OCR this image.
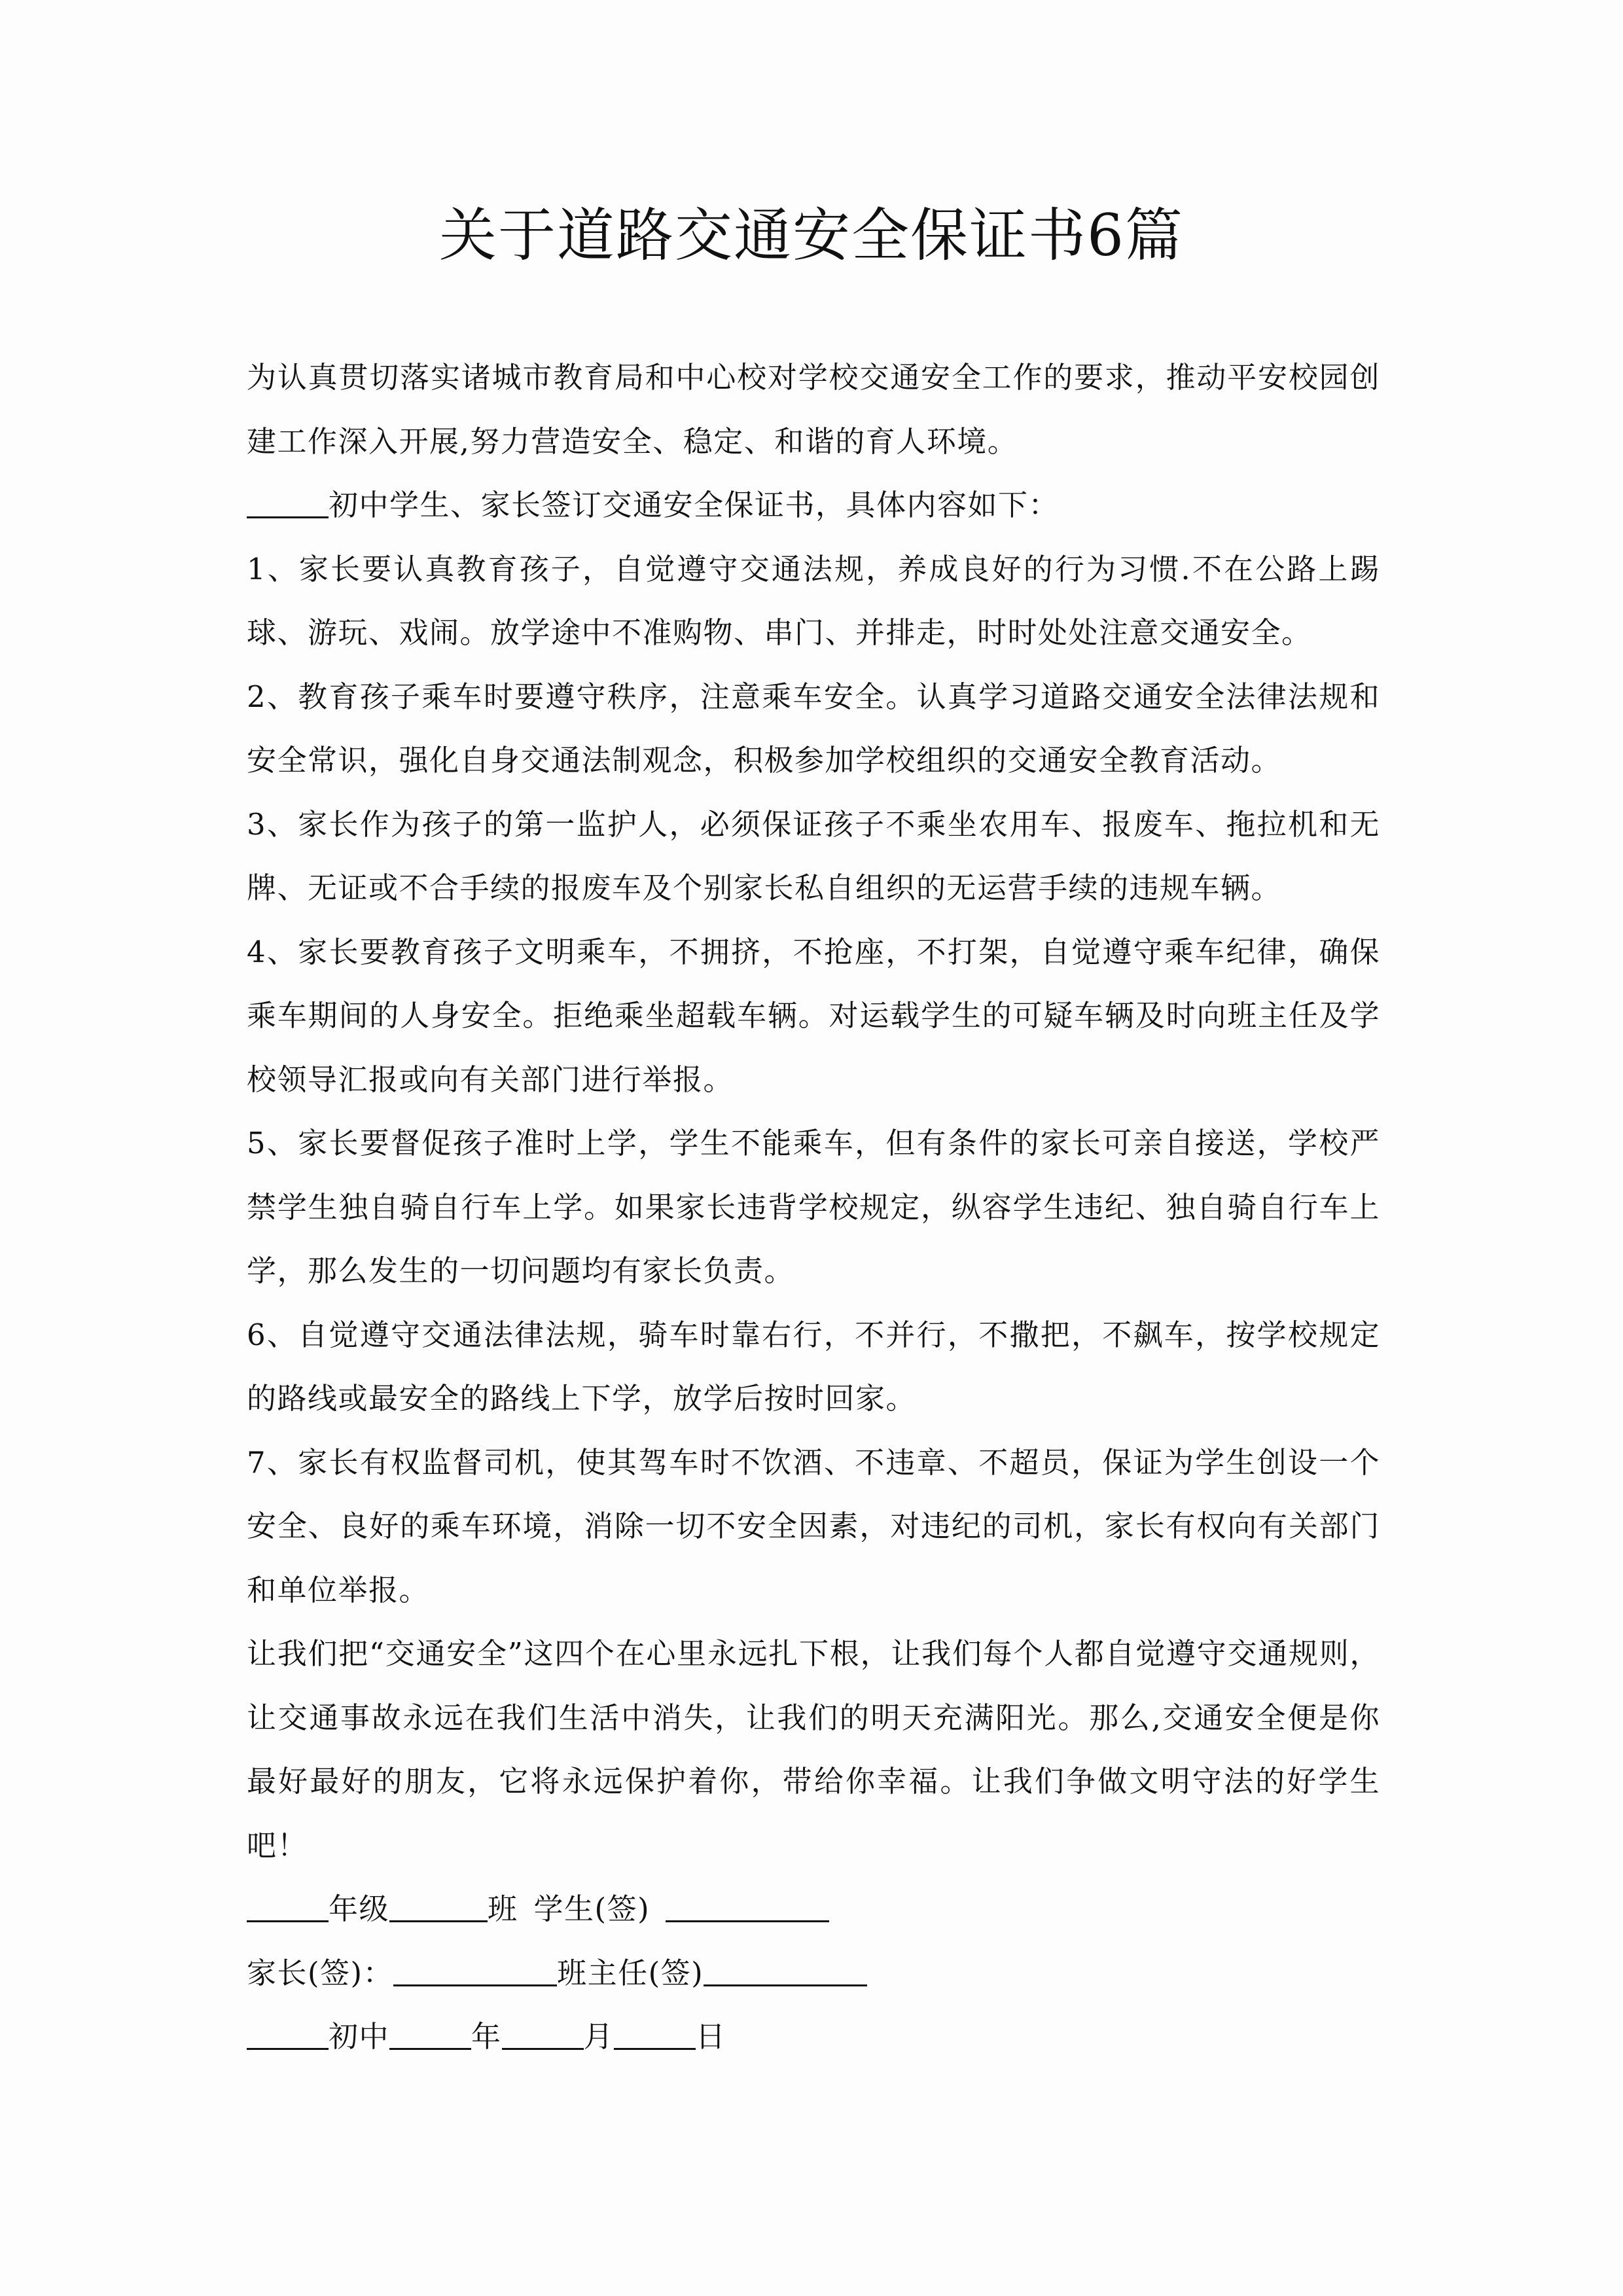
关于道路交通安全保证书6篇

为认真贯切落实诸城市教育局和中心校对学校交通安全工作的要求，推动平安校园创建工作深入开展,努力营造安全、稳定、和谐的育人环境。

初中学生、家长签订交通安全保证书，具体内容如下：

1、家长要认真教育孩子，自觉遵守交通法规，养成良好的行为习惯.不在公路上踢球、游玩、戏闹。放学途中不准购物、串门、并排走，时时处处注意交通安全。

2、教育孩子乘车时要遵守秩序，注意乘车安全。认真学习道路交通安全法律法规和安全常识，强化自身交通法制观念，积极参加学校组织的交通安全教育活动。

3、家长作为孩子的第一监护人，必须保证孩子不乘坐农用车、报废车、拖拉机和无牌、无证或不合手续的报废车及个别家长私自组织的无运营手续的违规车辆。

4、家长要教育孩子文明乘车，不拥挤，不抢座，不打架，自觉遵守乘车纪律，确保乘车期间的人身安全。拒绝乘坐超载车辆。对运载学生的可疑车辆及时向班主任及学校领导汇报或向有关部门进行举报。

5、家长要督促孩子准时上学，学生不能乘车，但有条件的家长可亲自接送，学校严禁学生独自骑自行车上学。如果家长违背学校规定，纵容学生违纪、独自骑自行车上学，那么发生的一切问题均有家长负责。

6、自觉遵守交通法律法规，骑车时靠右行，不并行，不撒把，不飙车，按学校规定的路线或最安全的路线上下学，放学后按时回家。

7、家长有权监督司机，使其驾车时不饮酒、不违章、不超员，保证为学生创设一个安全、良好的乘车环境，消除一切不安全因素，对违纪的司机，家长有权向有关部门和单位举报。

让我们把“交通安全”这四个在心里永远扎下根，让我们每个人都自觉遵守交通规则，让交通事故永远在我们生活中消失，让我们的明天充满阳光。那么,交通安全便是你最好最好的朋友，它将永远保护着你，带给你幸福。让我们争做文明守法的好学生吧！

年级	班 学生(签)

家长(签)：	班主任(签)

初中	年	月	日
